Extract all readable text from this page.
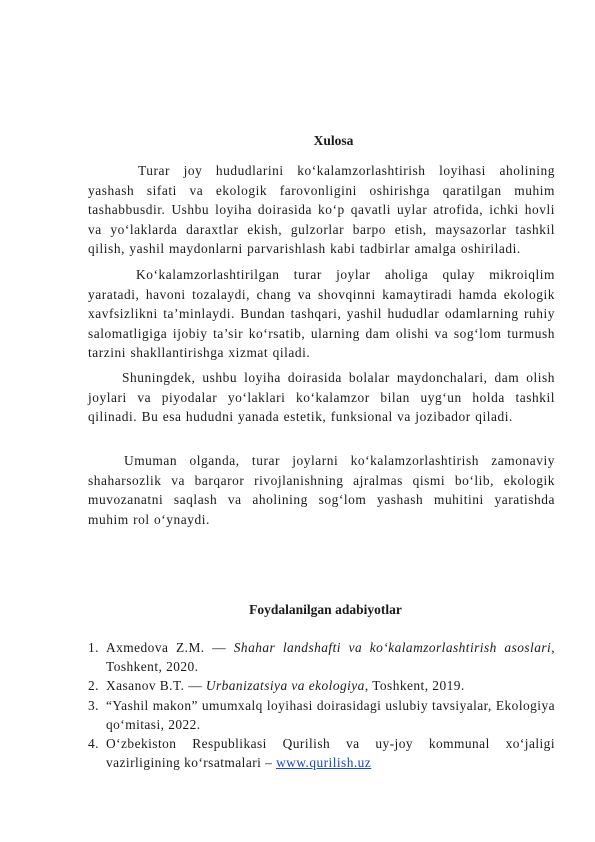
Xulosa

Turar joy hududlarini ko‘kalamzorlashtirish loyihasi aholining yashash sifati va ekologik farovonligini oshirishga qaratilgan muhim tashabbusdir. Ushbu loyiha doirasida ko‘p qavatli uylar atrofida, ichki hovli va yo‘laklarda daraxtlar ekish, gulzorlar barpo etish, maysazorlar tashkil qilish, yashil maydonlarni parvarishlash kabi tadbirlar amalga oshiriladi.

Ko‘kalamzorlashtirilgan turar joylar aholiga qulay mikroiqlim yaratadi, havoni tozalaydi, chang va shovqinni kamaytiradi hamda ekologik xavfsizlikni ta’minlaydi. Bundan tashqari, yashil hududlar odamlarning ruhiy salomatligiga ijobiy ta’sir ko‘rsatib, ularning dam olishi va sog‘lom turmush tarzini shakllantirishga xizmat qiladi.

Shuningdek, ushbu loyiha doirasida bolalar maydonchalari, dam olish joylari va piyodalar yo‘laklari ko‘kalamzor bilan uyg‘un holda tashkil qilinadi. Bu esa hududni yanada estetik, funksional va jozibador qiladi.

Umuman olganda, turar joylarni ko‘kalamzorlashtirish zamonaviy shaharsozlik va barqaror rivojlanishning ajralmas qismi bo‘lib, ekologik muvozanatni saqlash va aholining sog‘lom yashash muhitini yaratishda muhim rol o‘ynaydi.

Foydalanilgan adabiyotlar
1. Axmedova Z.M. — Shahar landshafti va ko‘kalamzorlashtirish asoslari, Toshkent, 2020.
2. Xasanov B.T. — Urbanizatsiya va ekologiya, Toshkent, 2019.
3. “Yashil makon” umumxalq loyihasi doirasidagi uslubiy tavsiyalar, Ekologiya qo‘mitasi, 2022.
4. O‘zbekiston Respublikasi Qurilish va uy-joy kommunal xo‘jaligi vazirligining ko‘rsatmalari – www.qurilish.uz
